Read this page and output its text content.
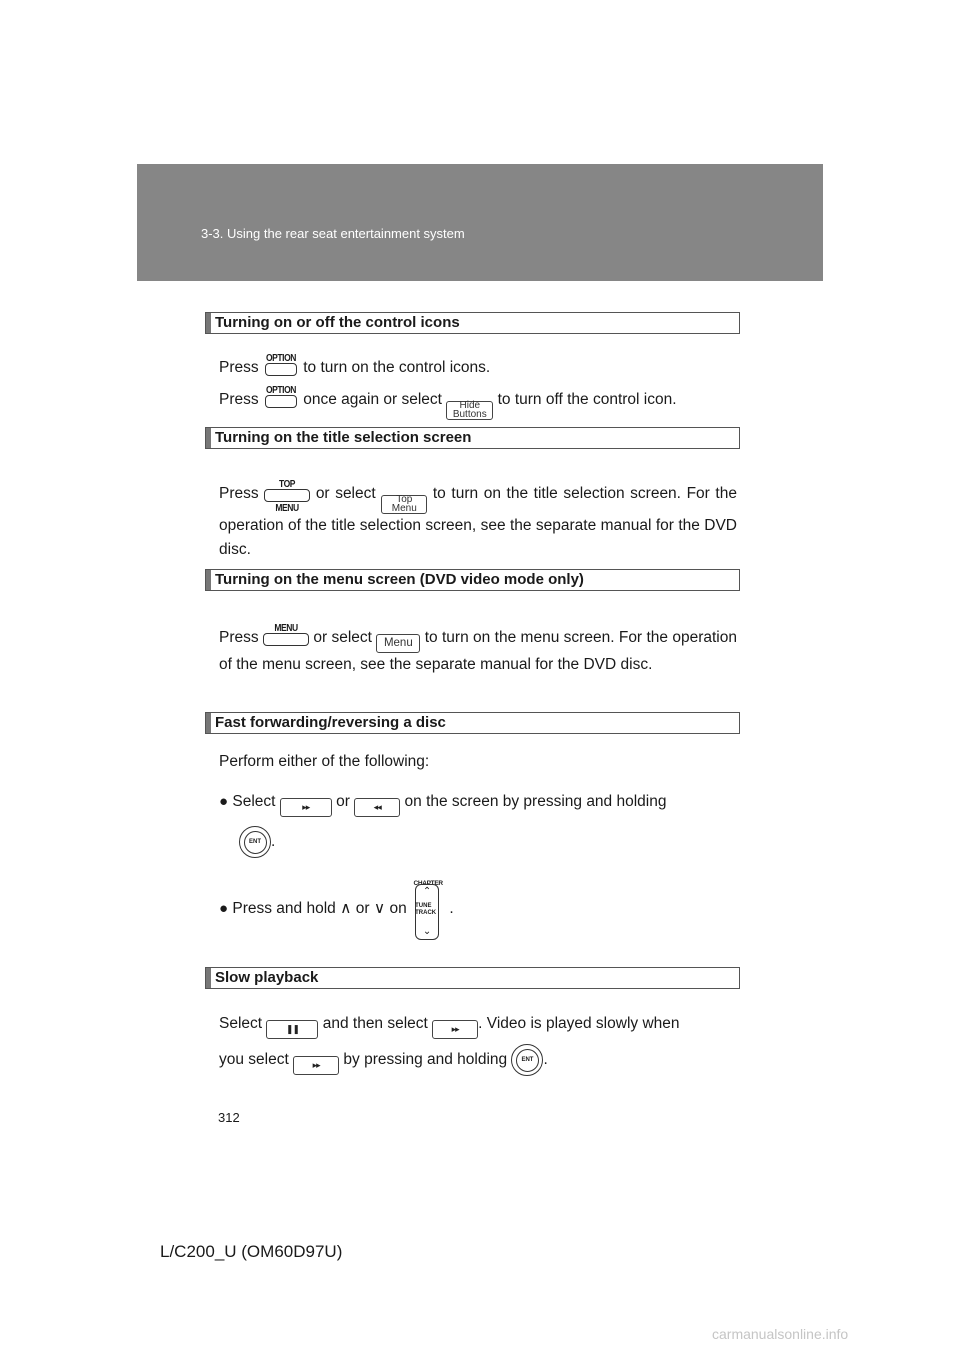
3-3. Using the rear seat entertainment system
Turning on or off the control icons
Press
OPTION
to turn on the control icons.
Press
OPTION
once again or select Hide
Buttons
to turn off the control icon.
Turning on the title selection screen
Press
TOP MENU
or select Top
Menu
to turn on the title selection screen. For the operation of the title selection screen, see the separate manual for the DVD disc.
Turning on the menu screen (DVD video mode only)
Press
MENU
or select Menu to turn on the menu screen. For the operation of the menu screen, see the separate manual for the DVD disc.
Fast forwarding/reversing a disc
Perform either of the following:
● Select	▸▸ or	◂◂ on the screen by pressing and holding
ENT .
● Press and hold ∧ or ∨ on
CHAPTER
⌃
TUNE
TRACK
⌄
.
Slow playback
Select	❚❚ and then select	▸▸ . Video is played slowly when
you select	▸▸ by pressing and holding	ENT .
312
L/C200_U (OM60D97U)
carmanualsonline.info
